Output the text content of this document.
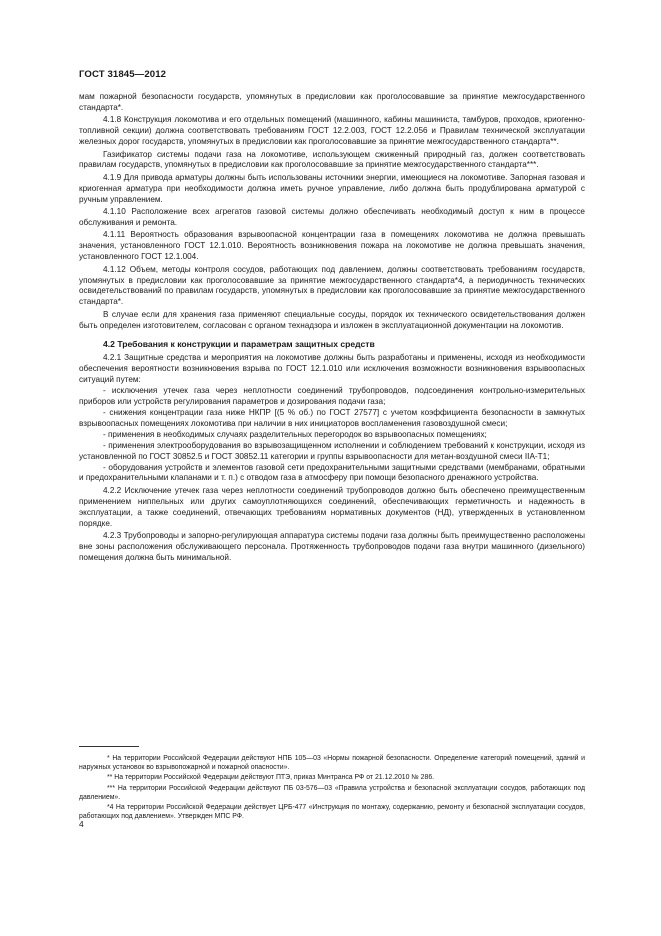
ГОСТ 31845—2012

мам пожарной безопасности государств, упомянутых в предисловии как проголосовавшие за принятие межгосударственного стандарта*.

4.1.8 Конструкция локомотива и его отдельных помещений (машинного, кабины машиниста, тамбуров, проходов, криогенно-топливной секции) должна соответствовать требованиям ГОСТ 12.2.003, ГОСТ 12.2.056 и Правилам технической эксплуатации железных дорог государств, упомянутых в предисловии как проголосовавшие за принятие межгосударственного стандарта**.

Газификатор системы подачи газа на локомотиве, использующем сжиженный природный газ, должен соответствовать правилам государств, упомянутых в предисловии как проголосовавшие за принятие межгосударственного стандарта***.

4.1.9 Для привода арматуры должны быть использованы источники энергии, имеющиеся на локомотиве. Запорная газовая и криогенная арматура при необходимости должна иметь ручное управление, либо должна быть продублирована арматурой с ручным управлением.

4.1.10 Расположение всех агрегатов газовой системы должно обеспечивать необходимый доступ к ним в процессе обслуживания и ремонта.

4.1.11 Вероятность образования взрывоопасной концентрации газа в помещениях локомотива не должна превышать значения, установленного ГОСТ 12.1.010. Вероятность возникновения пожара на локомотиве не должна превышать значения, установленного ГОСТ 12.1.004.

4.1.12 Объем, методы контроля сосудов, работающих под давлением, должны соответствовать требованиям государств, упомянутых в предисловии как проголосовавшие за принятие межгосударственного стандарта*4, а периодичность технических освидетельствований по правилам государств, упомянутых в предисловии как проголосовавшие за принятие межгосударственного стандарта*.

В случае если для хранения газа применяют специальные сосуды, порядок их технического освидетельствования должен быть определен изготовителем, согласован с органом технадзора и изложен в эксплуатационной документации на локомотив.

4.2 Требования к конструкции и параметрам защитных средств

4.2.1 Защитные средства и мероприятия на локомотиве должны быть разработаны и применены, исходя из необходимости обеспечения вероятности возникновения взрыва по ГОСТ 12.1.010 или исключения возможности возникновения взрывоопасных ситуаций путем:

- исключения утечек газа через неплотности соединений трубопроводов, подсоединения контрольно-измерительных приборов или устройств регулирования параметров и дозирования подачи газа;

- снижения концентрации газа ниже НКПР [(5 % об.) по ГОСТ 27577] с учетом коэффициента безопасности в замкнутых взрывоопасных помещениях локомотива при наличии в них инициаторов воспламенения газовоздушной смеси;

- применения в необходимых случаях разделительных перегородок во взрывоопасных помещениях;

- применения электрооборудования во взрывозащищенном исполнении и соблюдением требований к конструкции, исходя из установленной по ГОСТ 30852.5 и ГОСТ 30852.11 категории и группы взрывоопасности для метан-воздушной смеси IIA-T1;

- оборудования устройств и элементов газовой сети предохранительными защитными средствами (мембранами, обратными и предохранительными клапанами и т. п.) с отводом газа в атмосферу при помощи безопасного дренажного устройства.

4.2.2 Исключение утечек газа через неплотности соединений трубопроводов должно быть обеспечено преимущественным применением ниппельных или других самоуплотняющихся соединений, обеспечивающих герметичность и надежность в эксплуатации, а также соединений, отвечающих требованиям нормативных документов (НД), утвержденных в установленном порядке.

4.2.3 Трубопроводы и запорно-регулирующая аппаратура системы подачи газа должны быть преимущественно расположены вне зоны расположения обслуживающего персонала. Протяженность трубопроводов подачи газа внутри машинного (дизельного) помещения должна быть минимальной.

* На территории Российской Федерации действуют НПБ 105—03 «Нормы пожарной безопасности. Определение категорий помещений, зданий и наружных установок во взрывопожарной и пожарной опасности».

** На территории Российской Федерации действуют ПТЭ, приказ Минтранса РФ от 21.12.2010 № 286.

*** На территории Российской Федерации действуют ПБ 03-576—03 «Правила устройства и безопасной эксплуатации сосудов, работающих под давлением».

*4 На территории Российской Федерации действует ЦРБ-477 «Инструкция по монтажу, содержанию, ремонту и безопасной эксплуатации сосудов, работающих под давлением». Утвержден МПС РФ.

4
